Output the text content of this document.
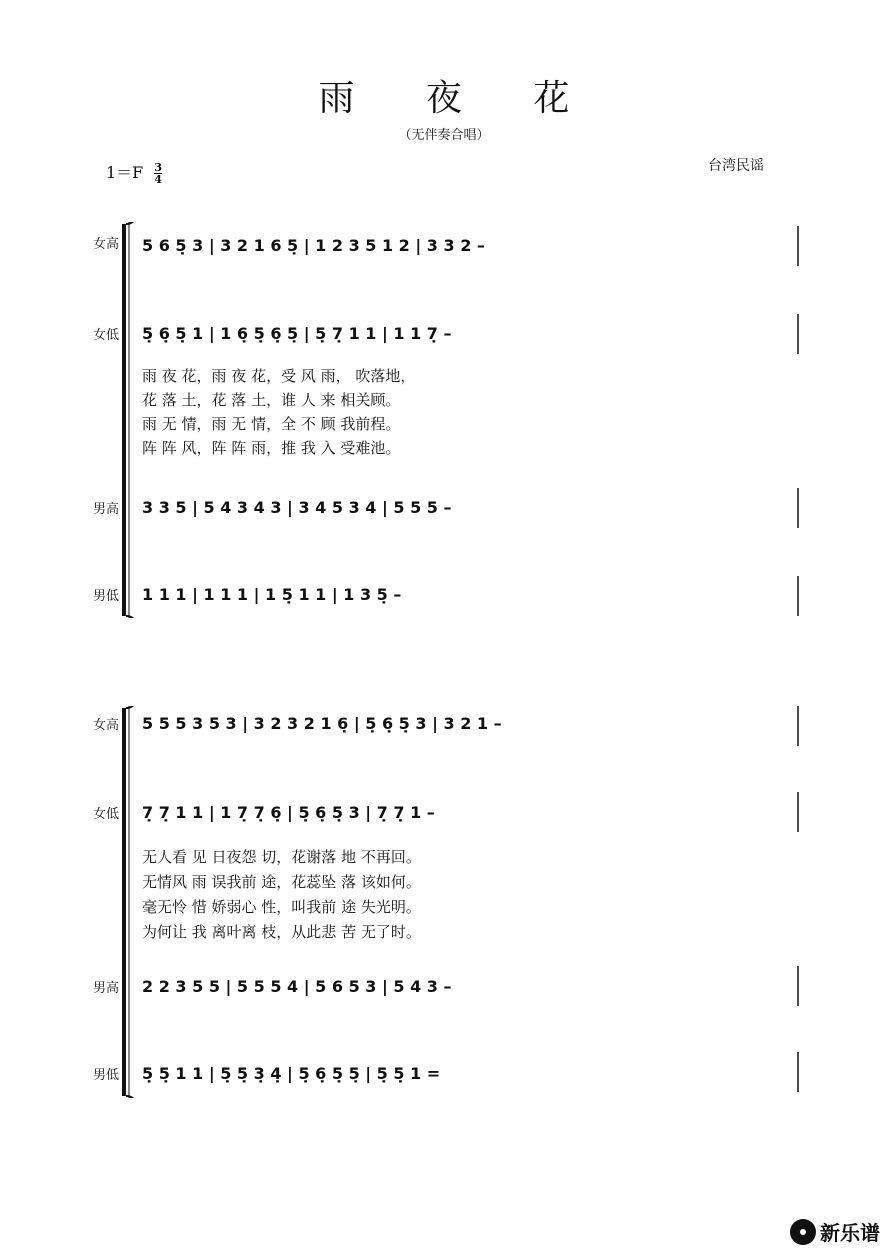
雨 夜 花
（无伴奏合唱）
$1=F \frac{3}{4}$	台湾民谣
女高 5 6 5̣ 3 | 3 2 1 6 5̣ | 1 2 3 5 1 2 | 3 3 2 –
女低 5̣ 6̣ 5̣ 1 | 1 6̣ 5̣ 6̣ 5̣ | 5̣ 7̣ 1 1 | 1 1 7̣ –
雨 夜 花，雨 夜 花，受 风 雨， 吹落地，
花 落 土，花 落 土，谁 人 来 相关顾。
雨 无 情，雨 无 情，全 不 顾 我前程。
阵 阵 风，阵 阵 雨，推 我 入 受难池。
男高 3 3 5 | 5 4 3 4 3 | 3 4 5 3 4 | 5 5 5 –
男低 1 1 1 | 1 1 1 | 1 5̣ 1 1 | 1 3 5̣ –
女高 5 5 5 3 5 3 | 3 2 3 2 1 6̣ | 5̣ 6̣ 5̣ 3 | 3 2 1 –
女低 7̣ 7̣ 1 1 | 1 7̣ 7̣ 6̣ | 5̣ 6̣ 5̣ 3 | 7̣ 7̣ 1 –
无人看 见 日夜怨 切，花谢落 地 不再回。
无情风 雨 误我前 途，花蕊坠 落 该如何。
毫无怜 惜 娇弱心 性，叫我前 途 失光明。
为何让 我 离叶离 枝，从此悲 苦 无了时。
男高 2 2 3 5 5 | 5 5 5 4 | 5 6 5 3 | 5 4 3 –
男低 5̣ 5̣ 1 1 | 5̣ 5̣ 3̣ 4̣ | 5̣ 6̣ 5̣ 5̣ | 5̣ 5̣ 1 =
新乐谱
